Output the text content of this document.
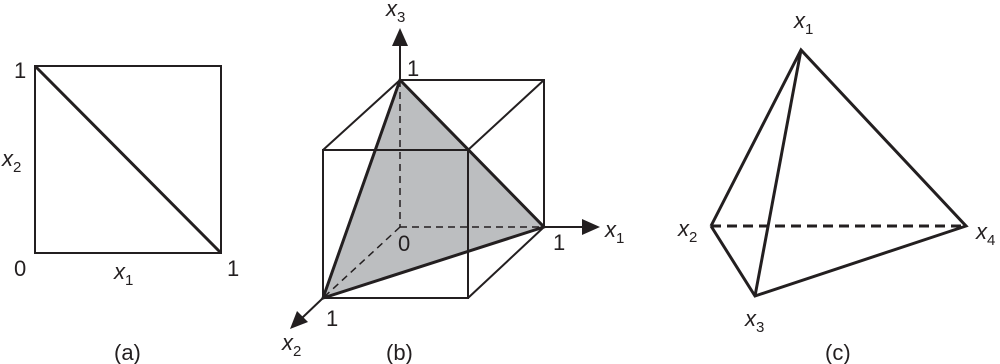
1
0	1
$x_1$
$x_2$
(a)
$x_3$
$x_1$
$x_2$
1
1
1
0
(b)
$x_1$
$x_2$
$x_3$
$x_4$
(c)
